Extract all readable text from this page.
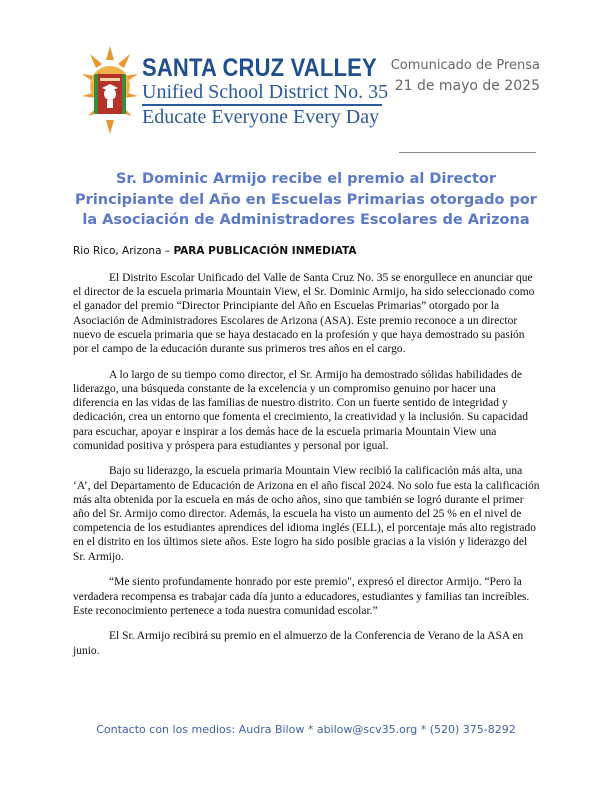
SANTA CRUZ VALLEY
Unified School District No. 35
Educate Everyone Every Day
Comunicado de Prensa
21 de mayo de 2025
Sr. Dominic Armijo recibe el premio al Director Principiante del Año en Escuelas Primarias otorgado por la Asociación de Administradores Escolares de Arizona
Rio Rico, Arizona – PARA PUBLICACIÓN INMEDIATA

El Distrito Escolar Unificado del Valle de Santa Cruz No. 35 se enorgullece en anunciar que el director de la escuela primaria Mountain View, el Sr. Dominic Armijo, ha sido seleccionado como el ganador del premio “Director Principiante del Año en Escuelas Primarias” otorgado por la Asociación de Administradores Escolares de Arizona (ASA). Este premio reconoce a un director nuevo de escuela primaria que se haya destacado en la profesión y que haya demostrado su pasión por el campo de la educación durante sus primeros tres años en el cargo.

A lo largo de su tiempo como director, el Sr. Armijo ha demostrado sólidas habilidades de liderazgo, una búsqueda constante de la excelencia y un compromiso genuino por hacer una diferencia en las vidas de las familias de nuestro distrito. Con un fuerte sentido de integridad y dedicación, crea un entorno que fomenta el crecimiento, la creatividad y la inclusión. Su capacidad para escuchar, apoyar e inspirar a los demás hace de la escuela primaria Mountain View una comunidad positiva y próspera para estudiantes y personal por igual.

Bajo su liderazgo, la escuela primaria Mountain View recibió la calificación más alta, una ‘A’, del Departamento de Educación de Arizona en el año fiscal 2024. No solo fue esta la calificación más alta obtenida por la escuela en más de ocho años, sino que también se logró durante el primer año del Sr. Armijo como director. Además, la escuela ha visto un aumento del 25 % en el nivel de competencia de los estudiantes aprendices del idioma inglés (ELL), el porcentaje más alto registrado en el distrito en los últimos siete años. Este logro ha sido posible gracias a la visión y liderazgo del Sr. Armijo.

“Me siento profundamente honrado por este premio", expresó el director Armijo. “Pero la verdadera recompensa es trabajar cada día junto a educadores, estudiantes y familias tan increíbles. Este reconocimiento pertenece a toda nuestra comunidad escolar.”

El Sr. Armijo recibirá su premio en el almuerzo de la Conferencia de Verano de la ASA en junio.

Contacto con los medios: Audra Bilow * abilow@scv35.org * (520) 375-8292
